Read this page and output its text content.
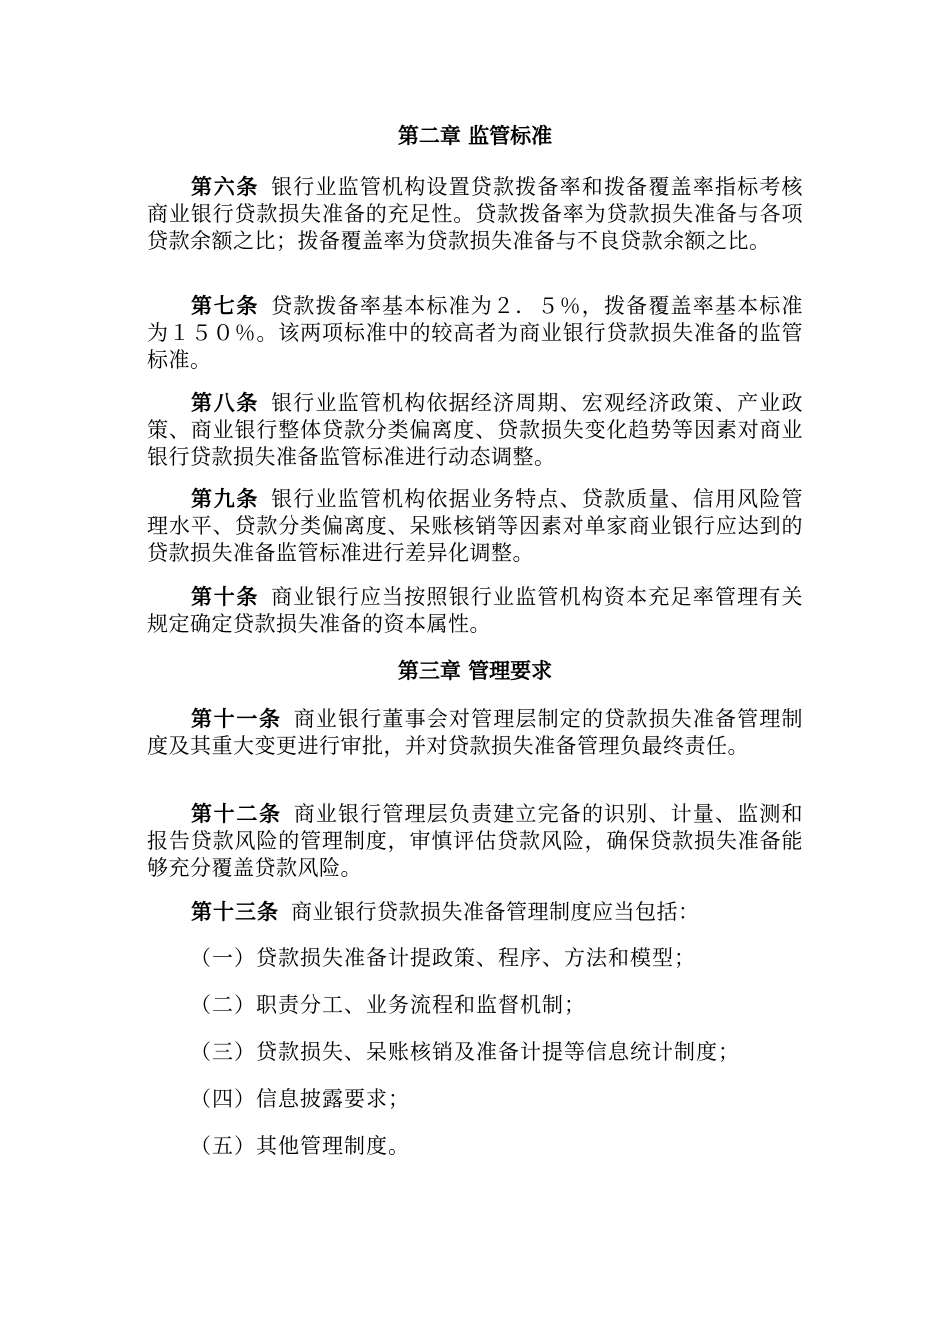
第二章 监管标准

第六条 银行业监管机构设置贷款拨备率和拨备覆盖率指标考核商业银行贷款损失准备的充足性。贷款拨备率为贷款损失准备与各项贷款余额之比；拨备覆盖率为贷款损失准备与不良贷款余额之比。

第七条 贷款拨备率基本标准为２．５％，拨备覆盖率基本标准为１５０％。该两项标准中的较高者为商业银行贷款损失准备的监管标准。

第八条 银行业监管机构依据经济周期、宏观经济政策、产业政策、商业银行整体贷款分类偏离度、贷款损失变化趋势等因素对商业银行贷款损失准备监管标准进行动态调整。

第九条 银行业监管机构依据业务特点、贷款质量、信用风险管理水平、贷款分类偏离度、呆账核销等因素对单家商业银行应达到的贷款损失准备监管标准进行差异化调整。

第十条 商业银行应当按照银行业监管机构资本充足率管理有关规定确定贷款损失准备的资本属性。

第三章 管理要求

第十一条 商业银行董事会对管理层制定的贷款损失准备管理制度及其重大变更进行审批，并对贷款损失准备管理负最终责任。

第十二条 商业银行管理层负责建立完备的识别、计量、监测和报告贷款风险的管理制度，审慎评估贷款风险，确保贷款损失准备能够充分覆盖贷款风险。

第十三条 商业银行贷款损失准备管理制度应当包括：

（一）贷款损失准备计提政策、程序、方法和模型；

（二）职责分工、业务流程和监督机制；

（三）贷款损失、呆账核销及准备计提等信息统计制度；

（四）信息披露要求；

（五）其他管理制度。
